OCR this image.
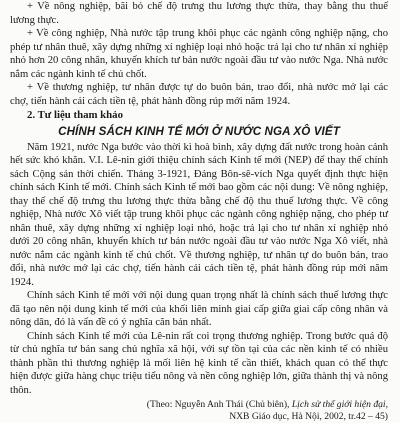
+ Về nông nghiệp, bãi bỏ chế độ trưng thu lương thực thừa, thay bằng thu thuế lương thực.

+ Về công nghiệp, Nhà nước tập trung khôi phục các ngành công nghiệp nặng, cho phép tư nhân thuê, xây dựng những xí nghiệp loại nhỏ hoặc trả lại cho tư nhân xí nghiệp nhỏ hơn 20 công nhân, khuyến khích tư bản nước ngoài đầu tư vào nước Nga. Nhà nước nắm các ngành kinh tế chủ chốt.

+ Về thương nghiệp, tư nhân được tự do buôn bán, trao đổi, nhà nước mở lại các chợ, tiến hành cải cách tiền tệ, phát hành đồng rúp mới năm 1924.

2. Tư liệu tham khảo
CHÍNH SÁCH KINH TẾ MỚI Ở NƯỚC NGA XÔ VIẾT

Năm 1921, nước Nga bước vào thời kì hoà bình, xây dựng đất nước trong hoàn cảnh hết sức khó khăn. V.I. Lê-nin giới thiệu chính sách Kinh tế mới (NEP) để thay thế chính sách Cộng sản thời chiến. Tháng 3-1921, Đảng Bôn-sê-vích Nga quyết định thực hiện chính sách Kinh tế mới. Chính sách Kinh tế mới bao gồm các nội dung: Về nông nghiệp, thay thế chế độ trưng thu lương thực thừa bằng chế độ thu thuế lương thực. Về công nghiệp, Nhà nước Xô viết tập trung khôi phục các ngành công nghiệp nặng, cho phép tư nhân thuê, xây dựng những xí nghiệp loại nhỏ, hoặc trả lại cho tư nhân xí nghiệp nhỏ dưới 20 công nhân, khuyến khích tư bản nước ngoài đầu tư vào nước Nga Xô viết, nhà nước nắm các ngành kinh tế chủ chốt. Về thương nghiệp, tư nhân tự do buôn bán, trao đổi, nhà nước mở lại các chợ, tiến hành cải cách tiền tệ, phát hành đồng rúp mới năm 1924.

Chính sách Kinh tế mới với nội dung quan trọng nhất là chính sách thuế lương thực đã tạo nên nội dung kinh tế mới của khối liên minh giai cấp giữa giai cấp công nhân và nông dân, đó là vấn đề có ý nghĩa căn bản nhất.

Chính sách Kinh tế mới của Lê-nin rất coi trọng thương nghiệp. Trong bước quá độ từ chủ nghĩa tư bản sang chủ nghĩa xã hội, với sự tồn tại của các nền kinh tế có nhiều thành phần thì thương nghiệp là mối liên hệ kinh tế cần thiết, khách quan có thể thực hiện được giữa hàng chục triệu tiểu nông và nền công nghiệp lớn, giữa thành thị và nông thôn.

(Theo: Nguyễn Anh Thái (Chủ biên), Lịch sử thế giới hiện đại,
NXB Giáo dục, Hà Nội, 2002, tr.42 – 45)
